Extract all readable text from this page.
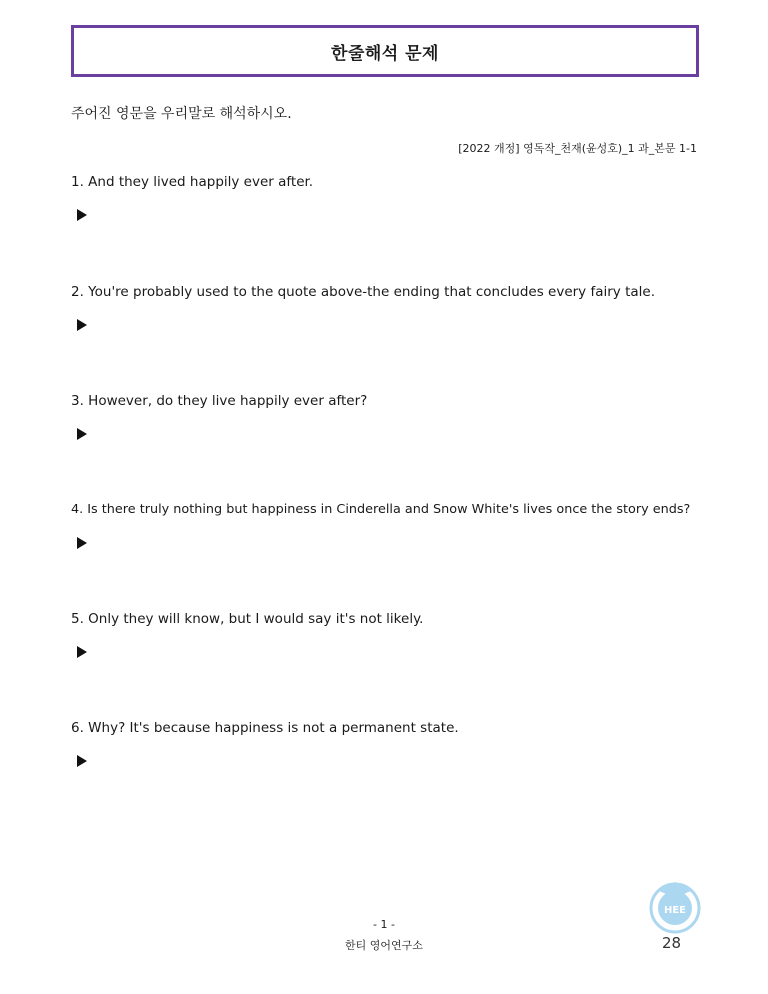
한줄해석 문제
주어진 영문을 우리말로 해석하시오.
[2022 개정] 영독작_천재(윤성호)_1 과_본문 1-1
1. And they lived happily ever after.
2. You're probably used to the quote above-the ending that concludes every fairy tale.
3. However, do they live happily ever after?
4. Is there truly nothing but happiness in Cinderella and Snow White's lives once the story ends?
5. Only they will know, but I would say it's not likely.
6. Why? It's because happiness is not a permanent state.
HEE
- 1 -
한티 영어연구소	28
